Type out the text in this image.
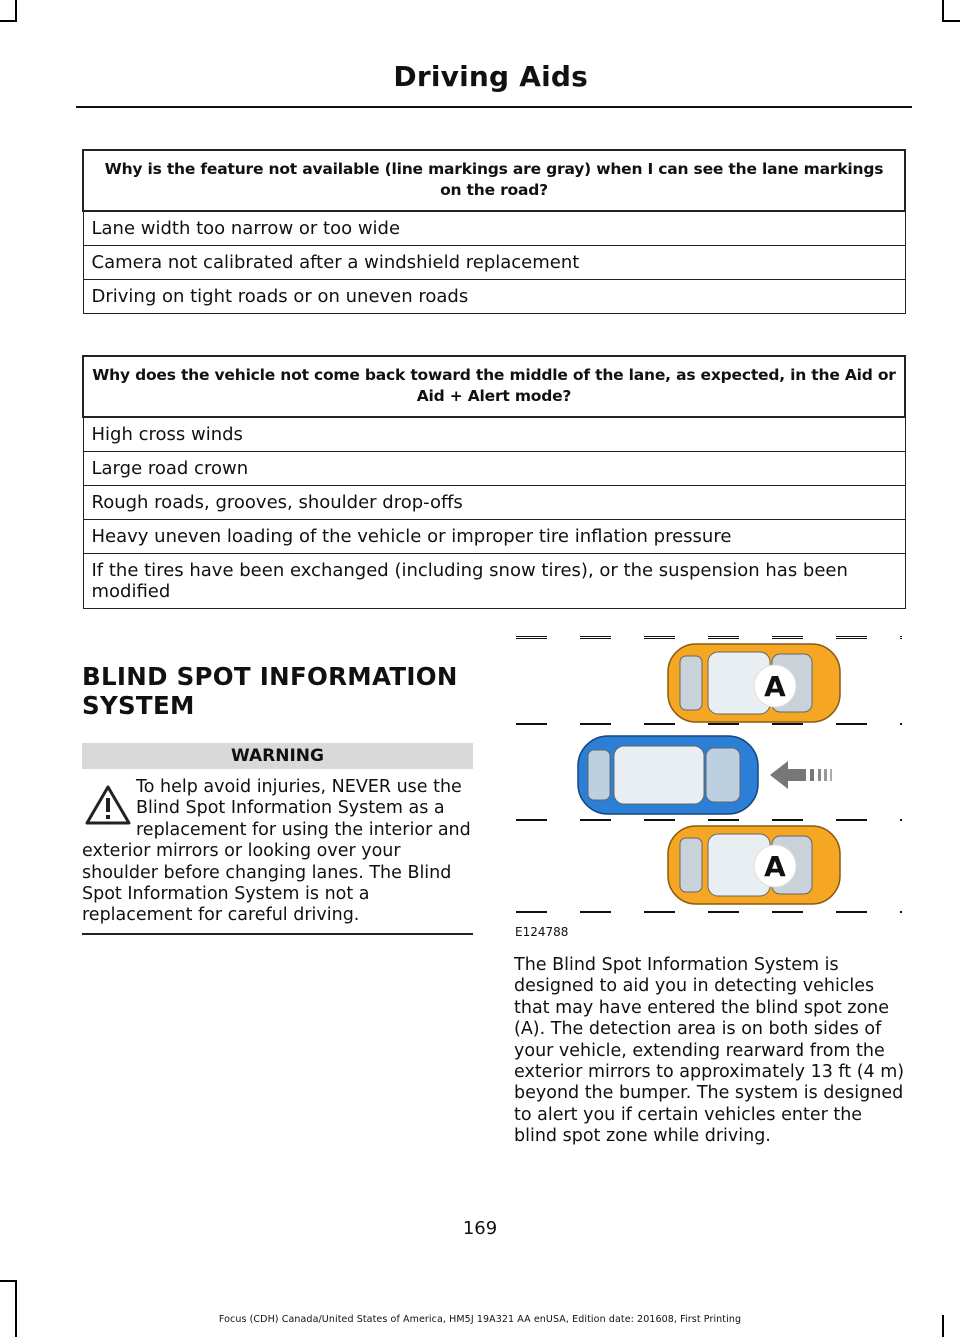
Driving Aids
Why is the feature not available (line markings are gray) when I can see the lane markings on the road?
Lane width too narrow or too wide
Camera not calibrated after a windshield replacement
Driving on tight roads or on uneven roads
Why does the vehicle not come back toward the middle of the lane, as expected, in the Aid or Aid + Alert mode?
High cross winds
Large road crown
Rough roads, grooves, shoulder drop-offs
Heavy uneven loading of the vehicle or improper tire inflation pressure
If the tires have been exchanged (including snow tires), or the suspension has been modified
BLIND SPOT INFORMATION SYSTEM
WARNING
To help avoid injuries, NEVER use the Blind Spot Information System as a replacement for using the interior and exterior mirrors or looking over your shoulder before changing lanes. The Blind Spot Information System is not a replacement for careful driving.
A
A
E124788
The Blind Spot Information System is designed to aid you in detecting vehicles that may have entered the blind spot zone (A). The detection area is on both sides of your vehicle, extending rearward from the exterior mirrors to approximately 13 ft (4 m) beyond the bumper. The system is designed to alert you if certain vehicles enter the blind spot zone while driving.
169
Focus (CDH) Canada/United States of America, HM5J 19A321 AA enUSA, Edition date: 201608, First Printing
